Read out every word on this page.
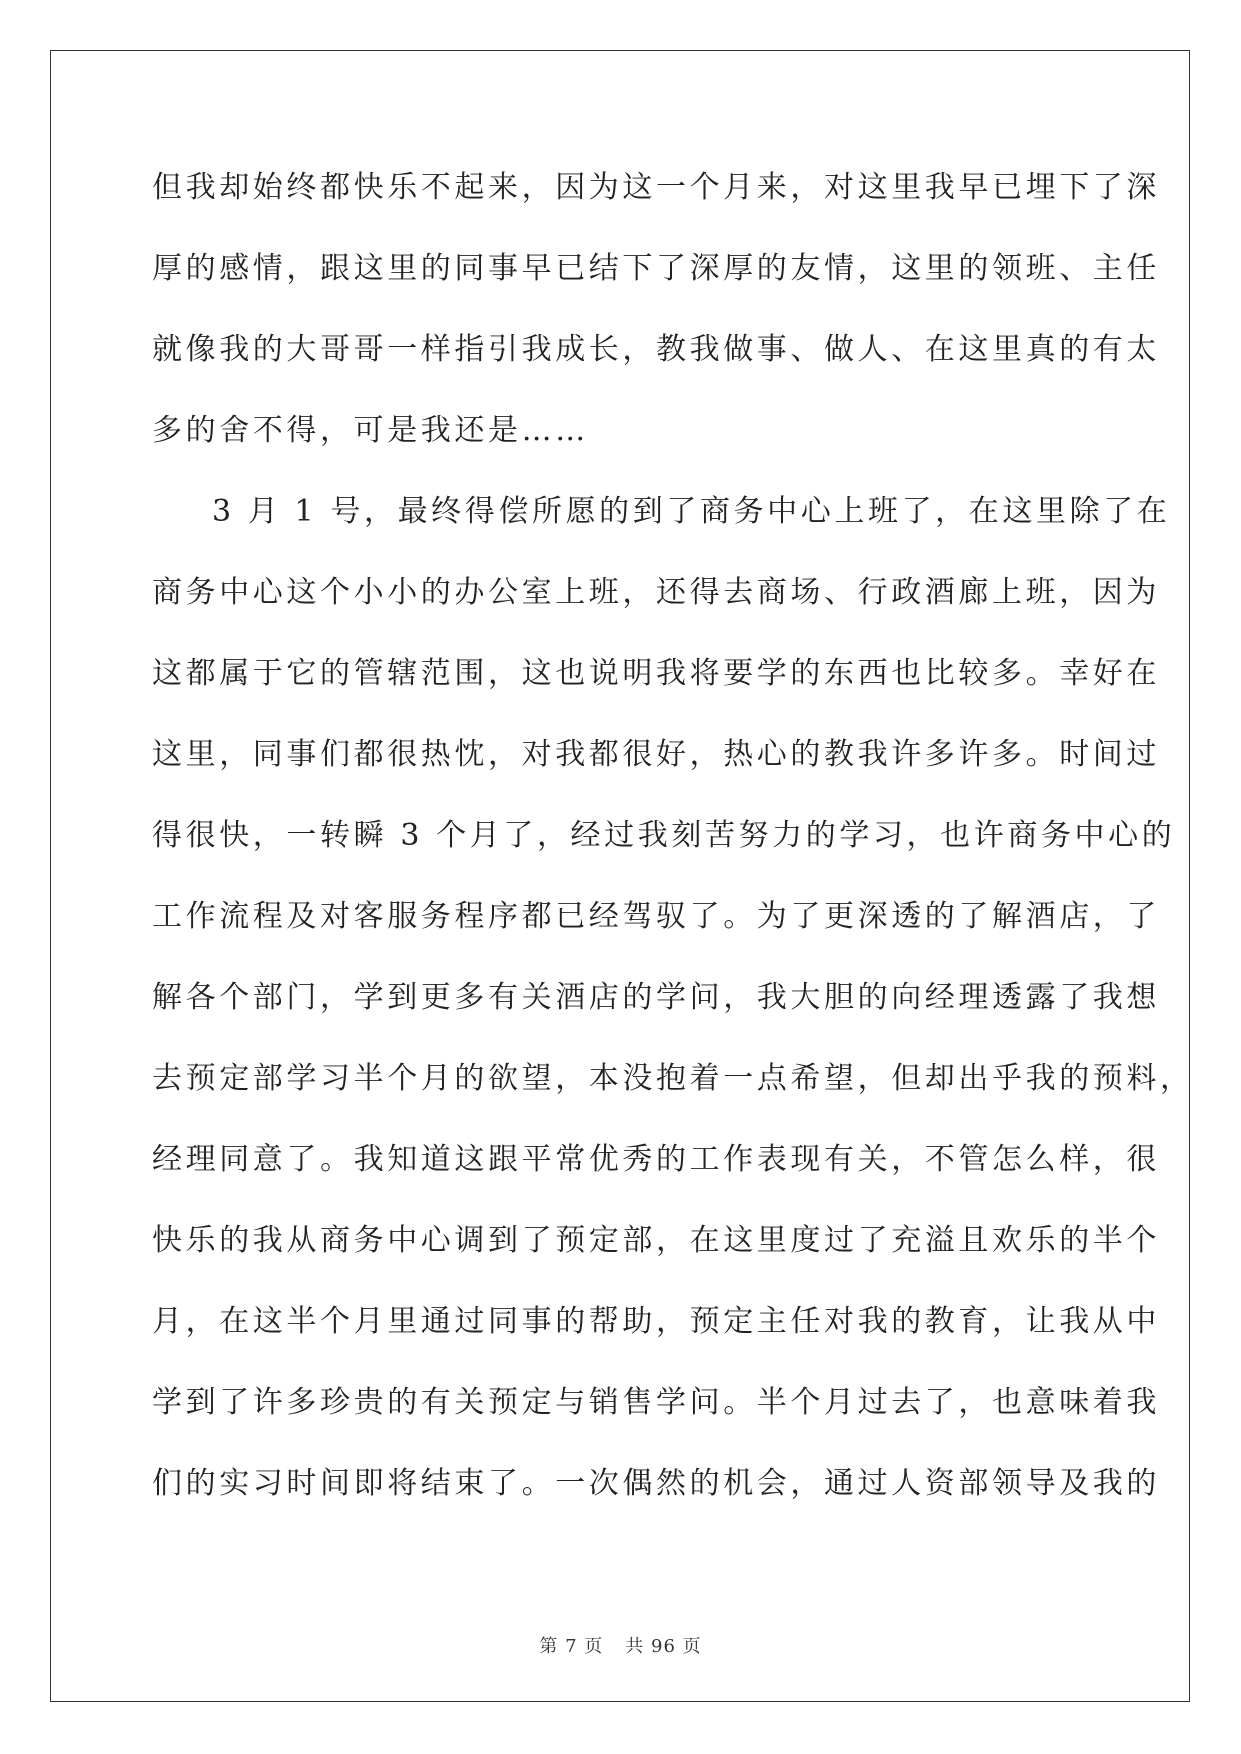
但我却始终都快乐不起来，因为这一个月来，对这里我早已埋下了深

厚的感情，跟这里的同事早已结下了深厚的友情，这里的领班、主任

就像我的大哥哥一样指引我成长，教我做事、做人、在这里真的有太

多的舍不得，可是我还是……

3 月 1 号，最终得偿所愿的到了商务中心上班了，在这里除了在

商务中心这个小小的办公室上班，还得去商场、行政酒廊上班，因为

这都属于它的管辖范围，这也说明我将要学的东西也比较多。幸好在

这里，同事们都很热忱，对我都很好，热心的教我许多许多。时间过

得很快，一转瞬 3 个月了，经过我刻苦努力的学习，也许商务中心的

工作流程及对客服务程序都已经驾驭了。为了更深透的了解酒店，了

解各个部门，学到更多有关酒店的学问，我大胆的向经理透露了我想

去预定部学习半个月的欲望，本没抱着一点希望，但却出乎我的预料，

经理同意了。我知道这跟平常优秀的工作表现有关，不管怎么样，很

快乐的我从商务中心调到了预定部，在这里度过了充溢且欢乐的半个

月，在这半个月里通过同事的帮助，预定主任对我的教育，让我从中

学到了许多珍贵的有关预定与销售学问。半个月过去了，也意味着我

们的实习时间即将结束了。一次偶然的机会，通过人资部领导及我的

第 7 页 共 96 页
